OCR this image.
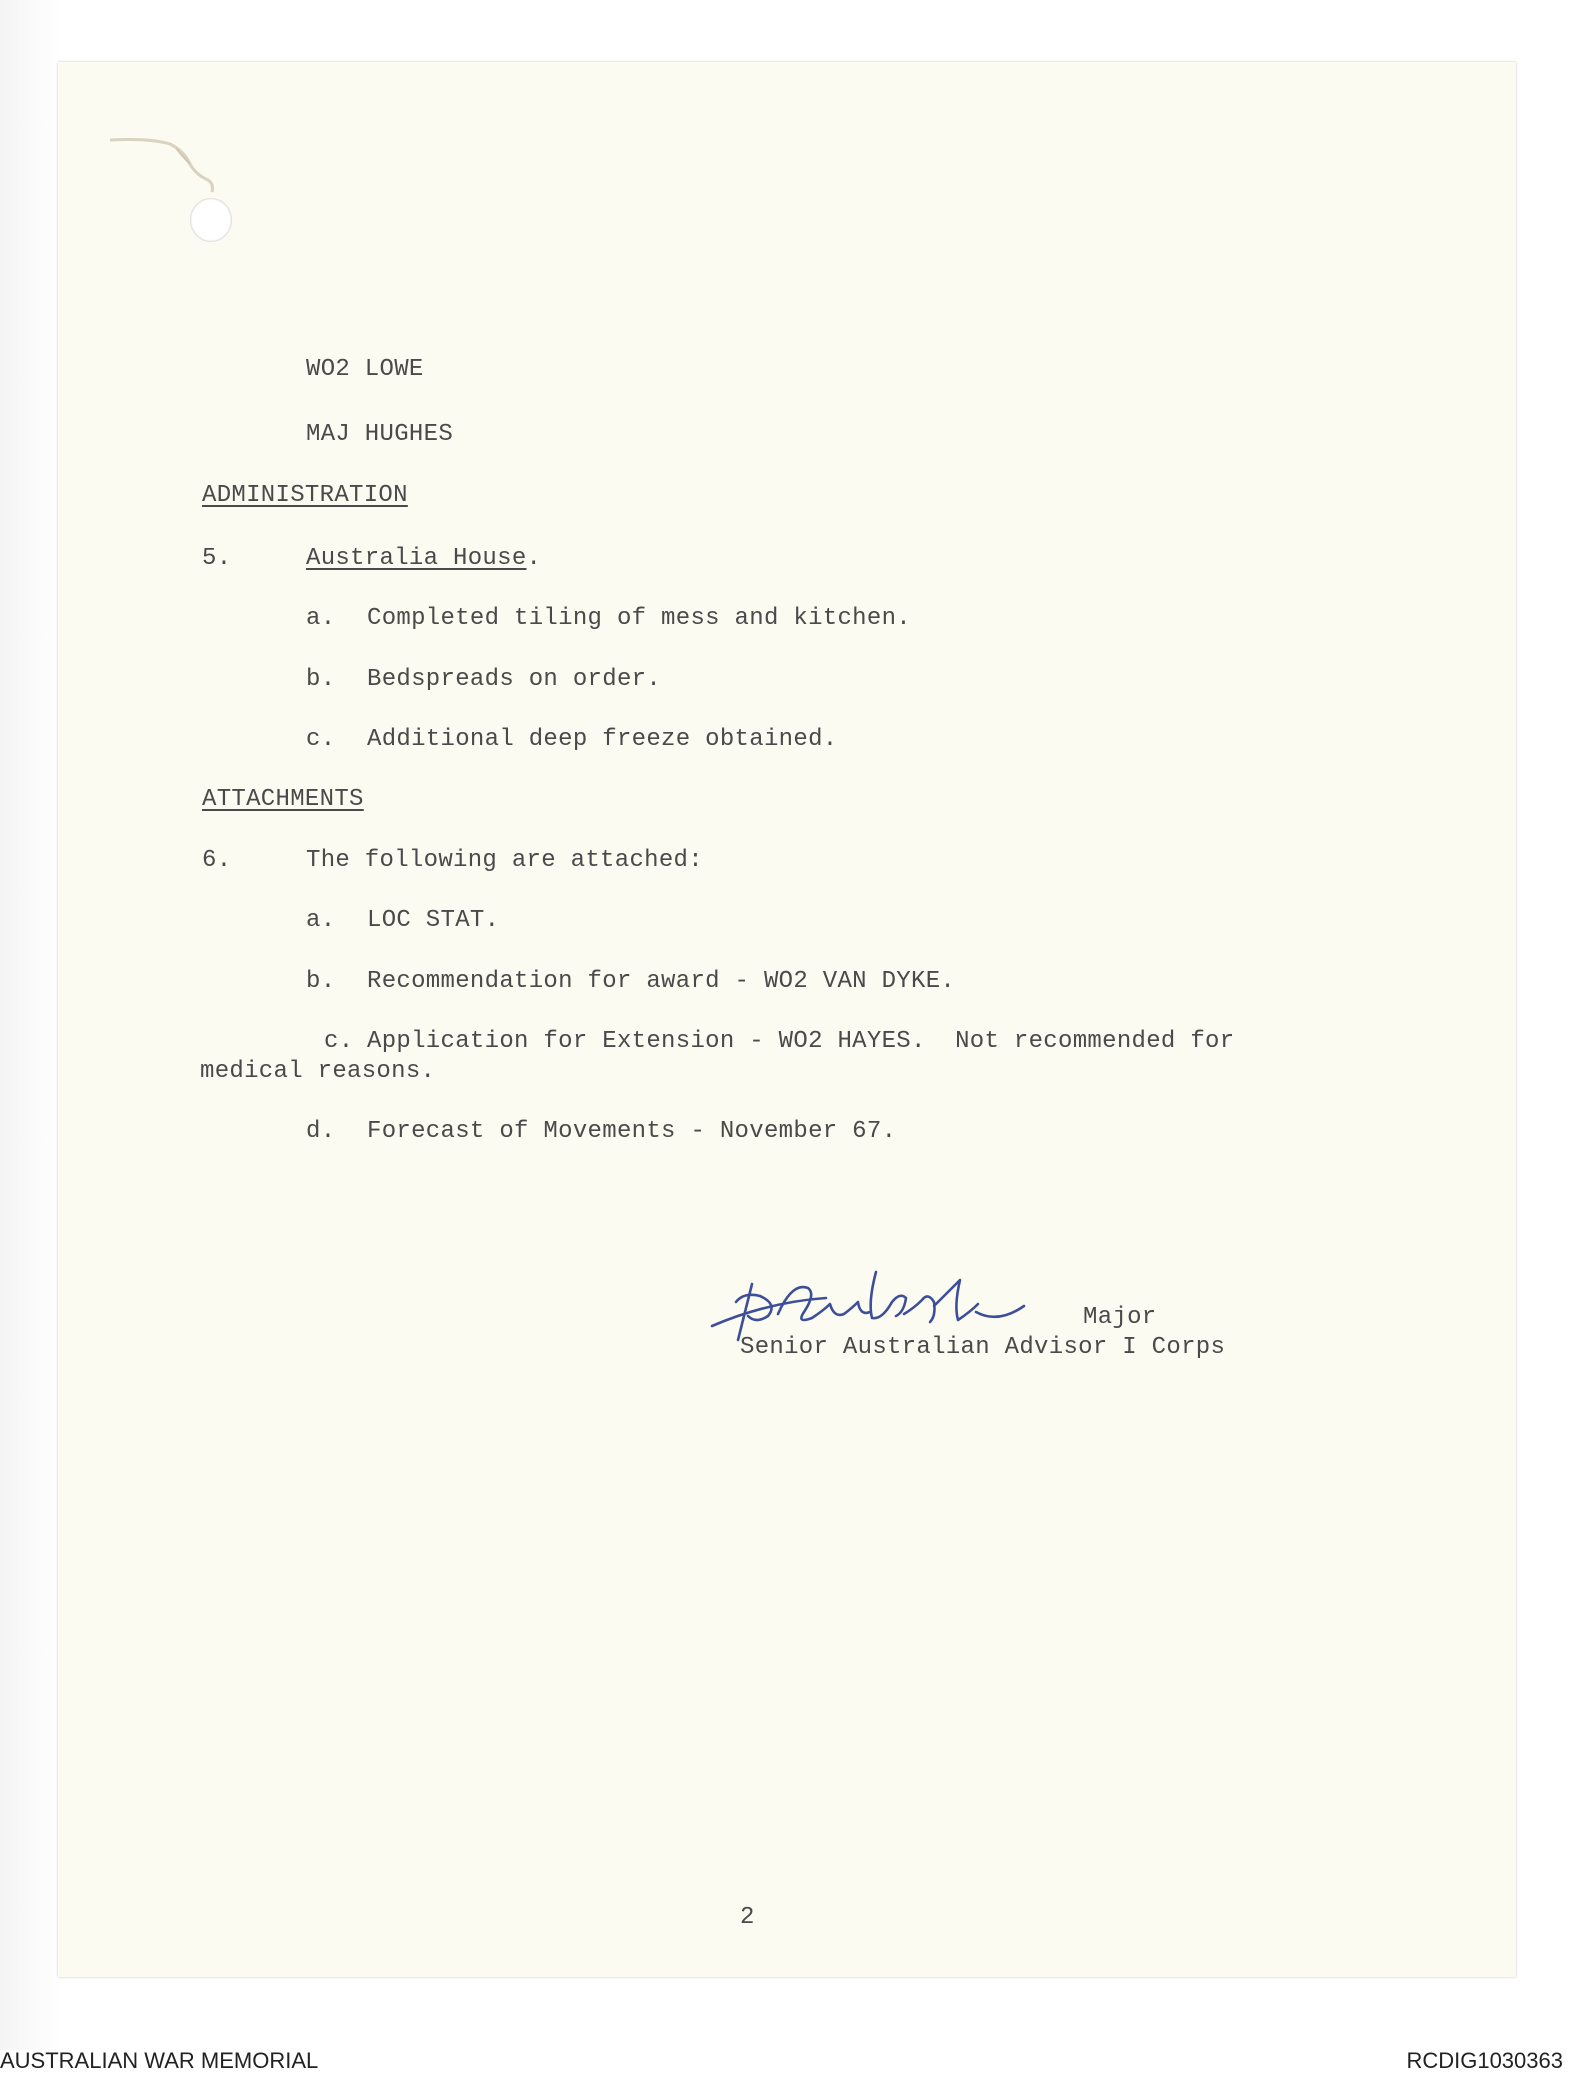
WO2 LOWE
MAJ HUGHES
ADMINISTRATION
5.	Australia House.
a. Completed tiling of mess and kitchen.
b. Bedspreads on order.
c. Additional deep freeze obtained.
ATTACHMENTS
6.	The following are attached:
a. LOC STAT.
b. Recommendation for award - WO2 VAN DYKE.
c. Application for Extension - WO2 HAYES.  Not recommended for
medical reasons.
d. Forecast of Movements - November 67.
Major
Senior Australian Advisor I Corps
2
AUSTRALIAN WAR MEMORIAL	RCDIG1030363
